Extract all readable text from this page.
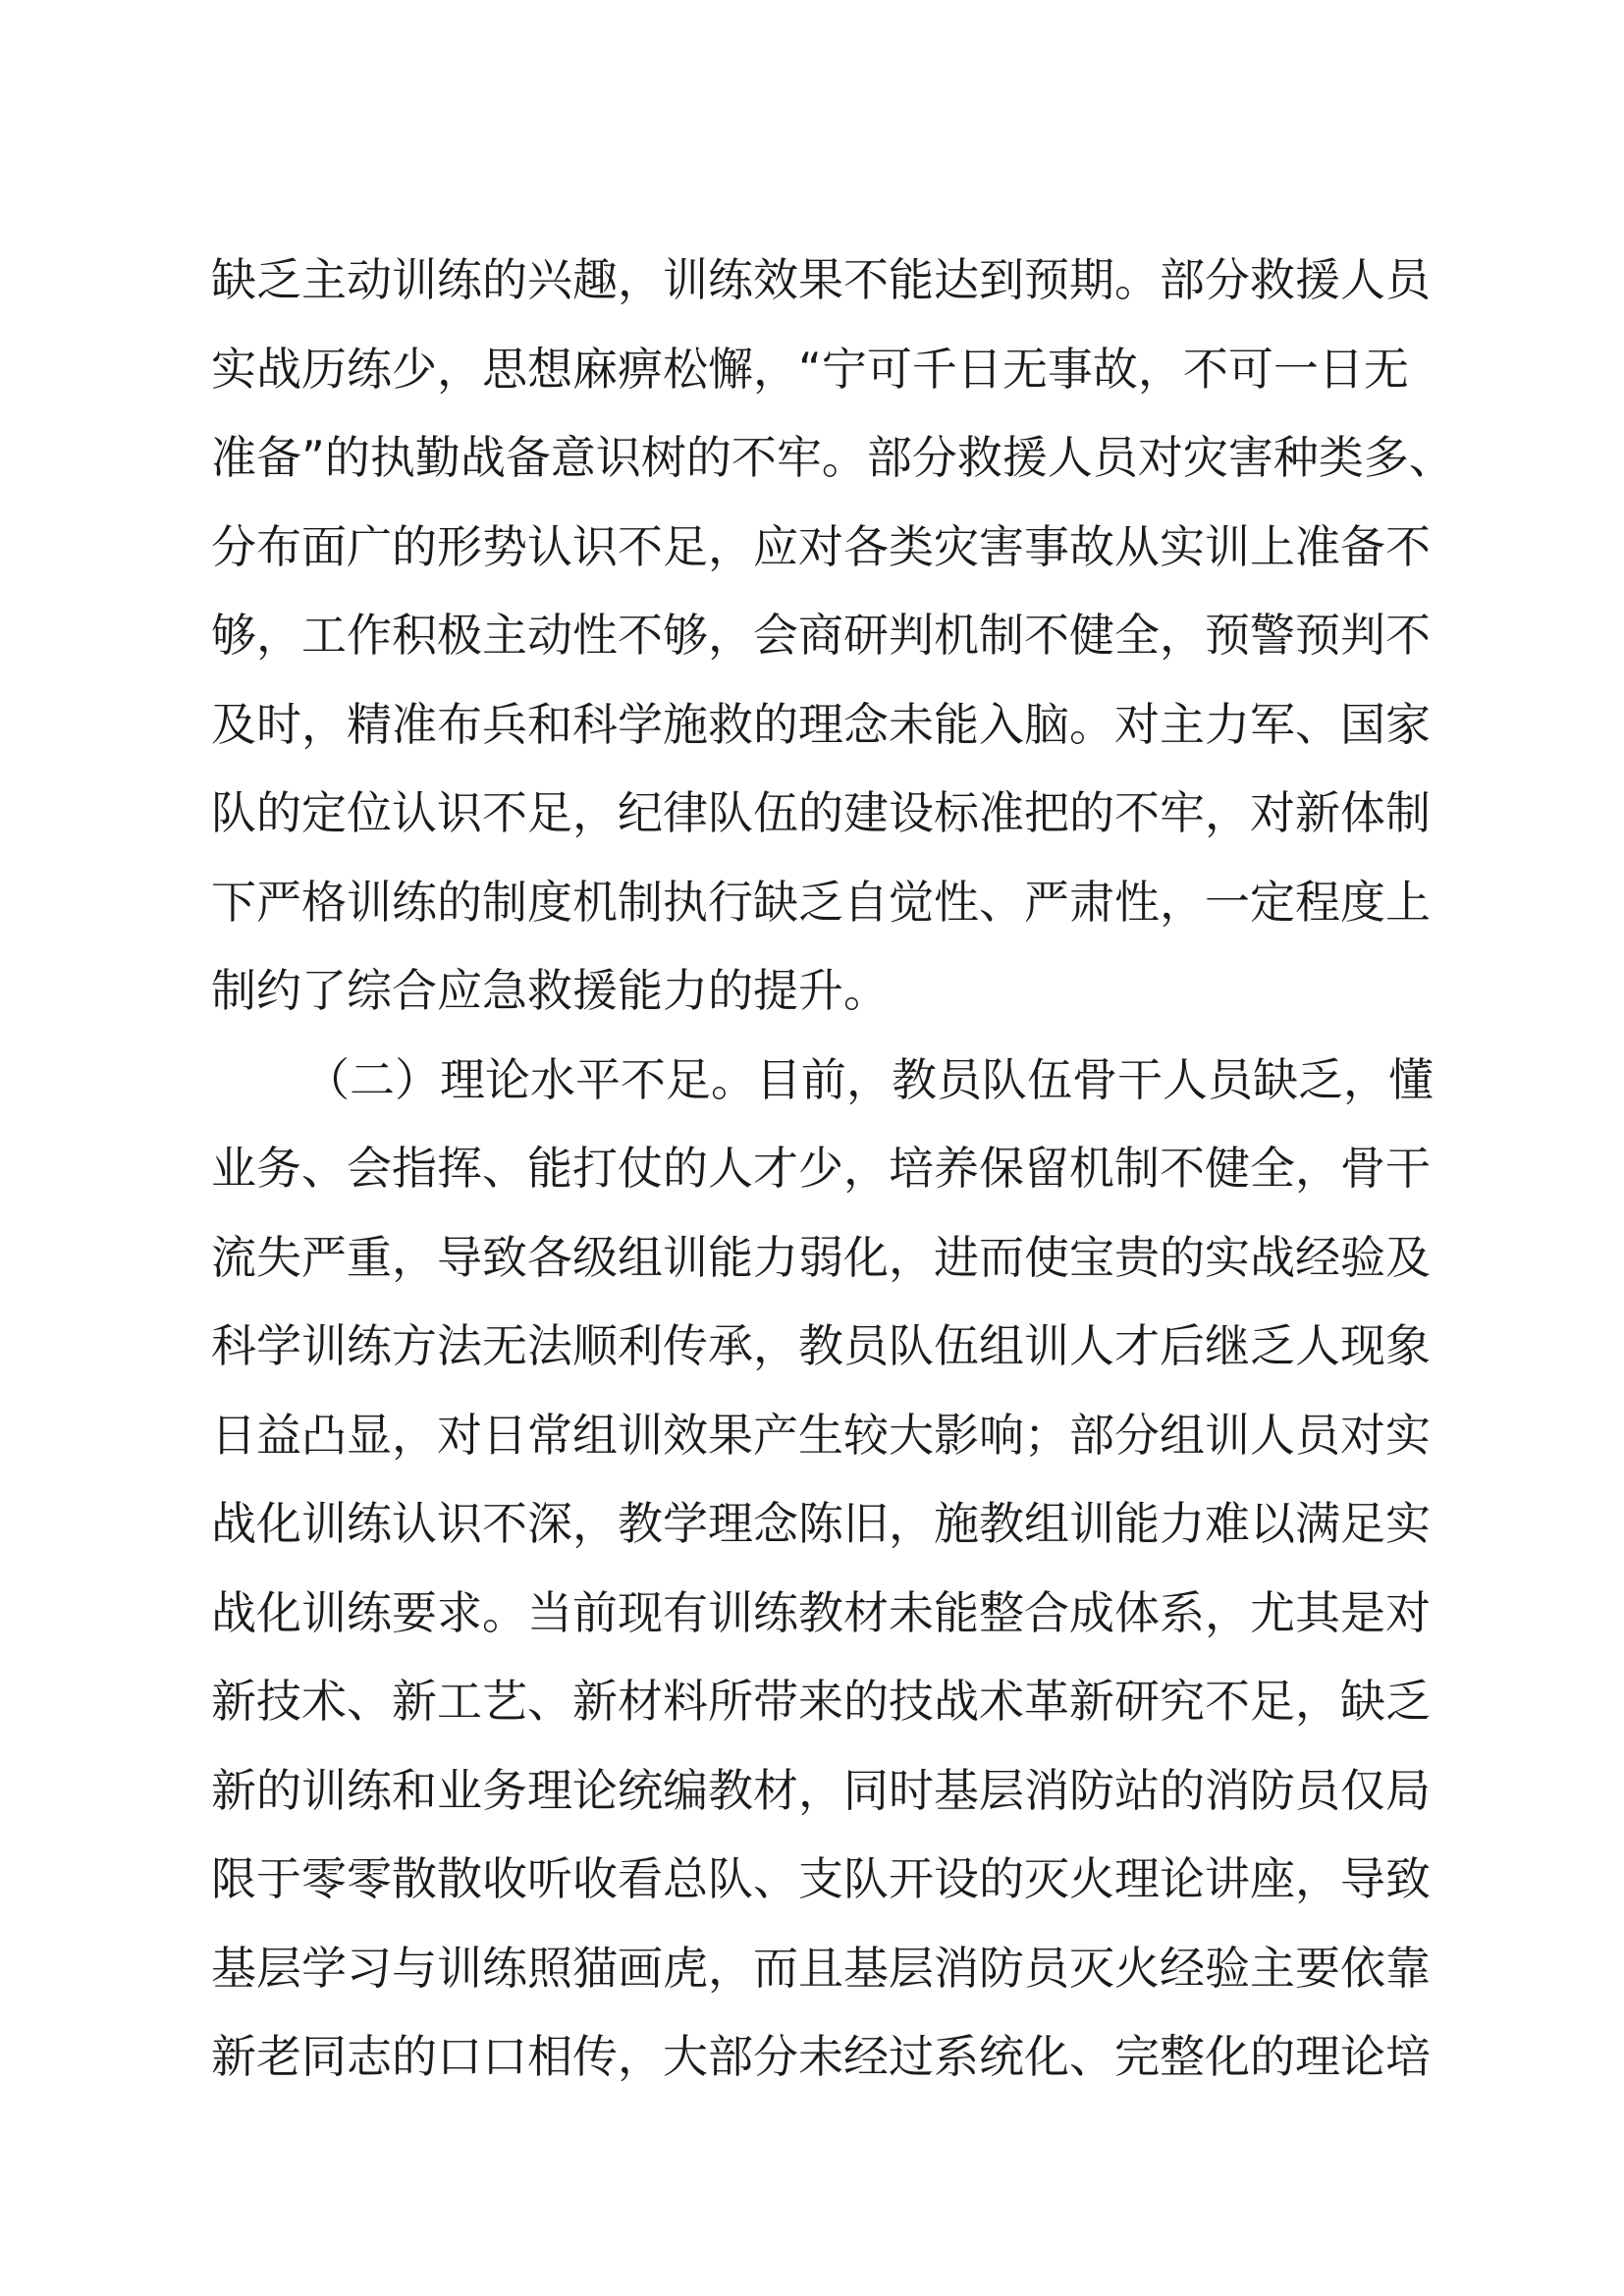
缺乏主动训练的兴趣，训练效果不能达到预期。部分救援人员
实战历练少，思想麻痹松懈，“宁可千日无事故，不可一日无
准备”的执勤战备意识树的不牢。部分救援人员对灾害种类多、
分布面广的形势认识不足，应对各类灾害事故从实训上准备不
够，工作积极主动性不够，会商研判机制不健全，预警预判不
及时，精准布兵和科学施救的理念未能入脑。对主力军、国家
队的定位认识不足，纪律队伍的建设标准把的不牢，对新体制
下严格训练的制度机制执行缺乏自觉性、严肃性，一定程度上
制约了综合应急救援能力的提升。
（二）理论水平不足。目前，教员队伍骨干人员缺乏，懂
业务、会指挥、能打仗的人才少，培养保留机制不健全，骨干
流失严重，导致各级组训能力弱化，进而使宝贵的实战经验及
科学训练方法无法顺利传承，教员队伍组训人才后继乏人现象
日益凸显，对日常组训效果产生较大影响；部分组训人员对实
战化训练认识不深，教学理念陈旧，施教组训能力难以满足实
战化训练要求。当前现有训练教材未能整合成体系，尤其是对
新技术、新工艺、新材料所带来的技战术革新研究不足，缺乏
新的训练和业务理论统编教材，同时基层消防站的消防员仅局
限于零零散散收听收看总队、支队开设的灭火理论讲座，导致
基层学习与训练照猫画虎，而且基层消防员灭火经验主要依靠
新老同志的口口相传，大部分未经过系统化、完整化的理论培
